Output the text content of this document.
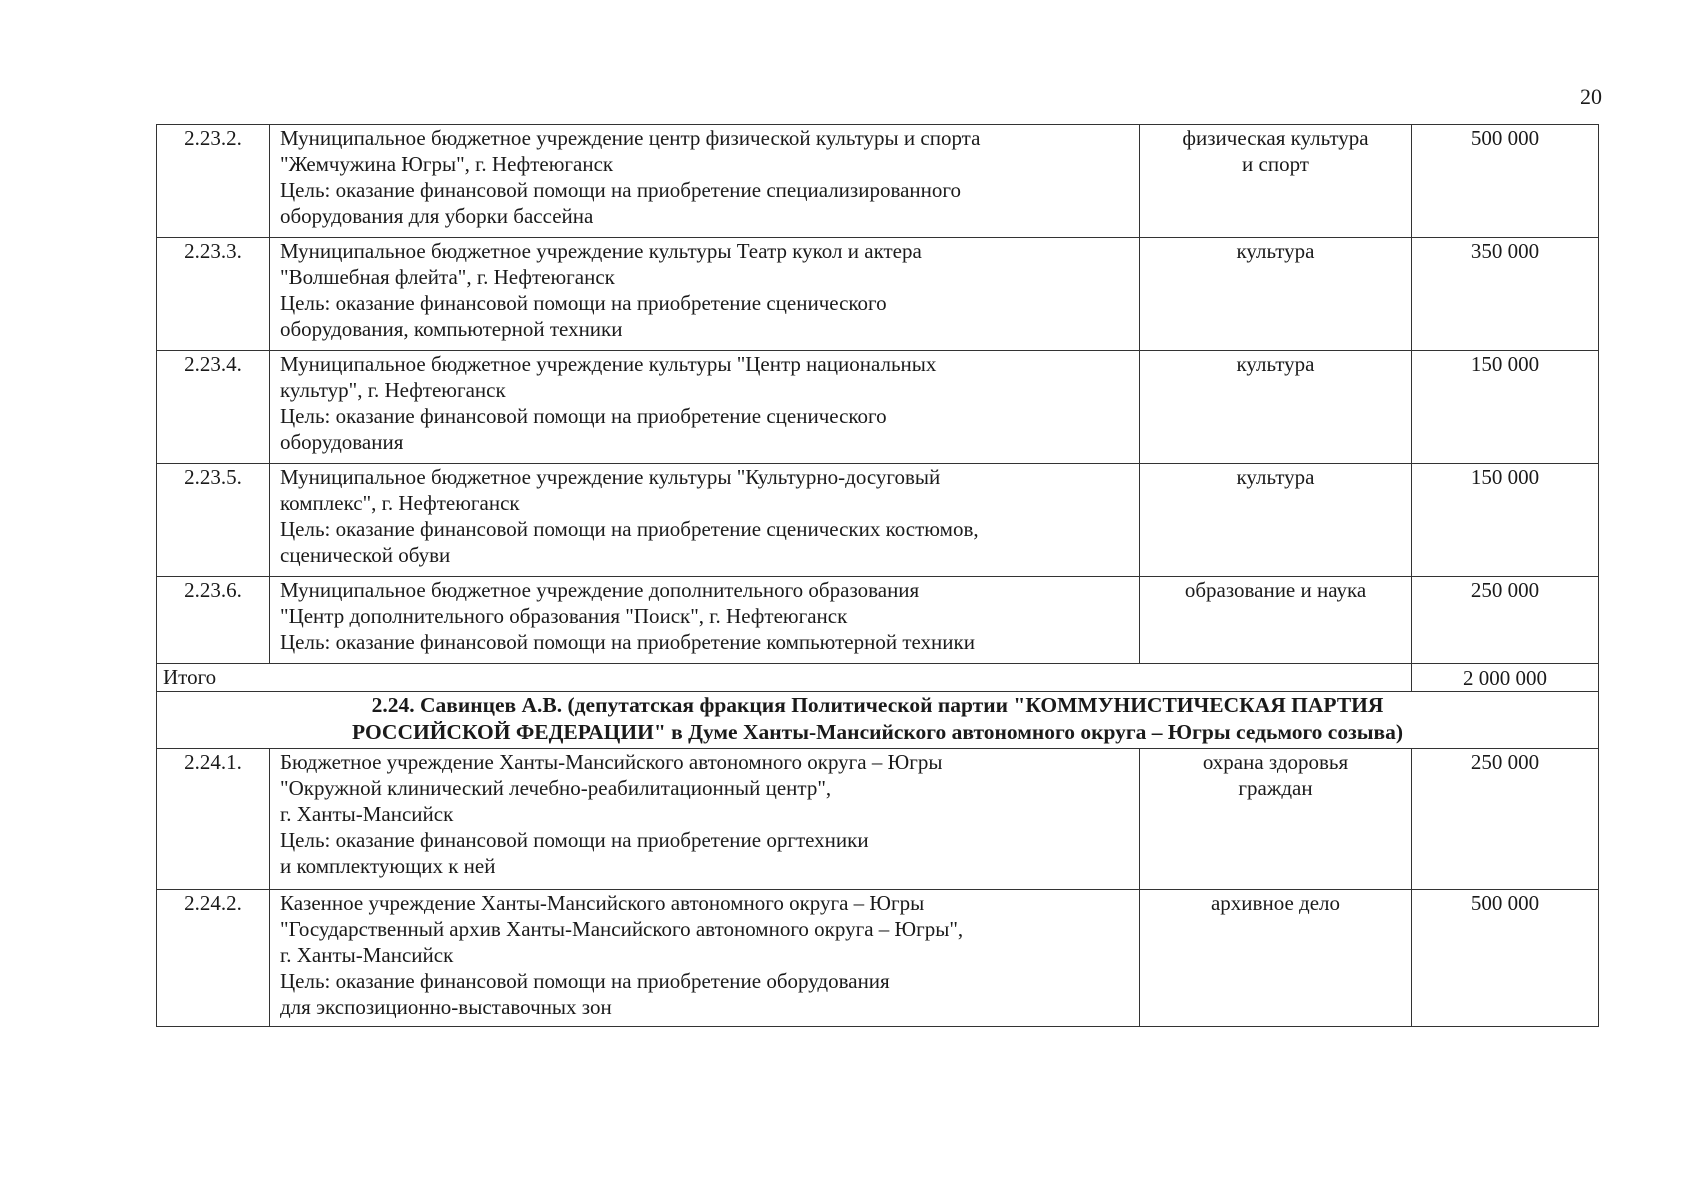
20
2.23.2.	Муниципальное бюджетное учреждение центр физической культуры и спорта
"Жемчужина Югры", г. Нефтеюганск
Цель: оказание финансовой помощи на приобретение специализированного
оборудования для уборки бассейна	физическая культура
и спорт	500 000
2.23.3.	Муниципальное бюджетное учреждение культуры Театр кукол и актера
"Волшебная флейта", г. Нефтеюганск
Цель: оказание финансовой помощи на приобретение сценического
оборудования, компьютерной техники	культура	350 000
2.23.4.	Муниципальное бюджетное учреждение культуры "Центр национальных
культур", г. Нефтеюганск
Цель: оказание финансовой помощи на приобретение сценического
оборудования	культура	150 000
2.23.5.	Муниципальное бюджетное учреждение культуры "Культурно-досуговый
комплекс", г. Нефтеюганск
Цель: оказание финансовой помощи на приобретение сценических костюмов,
сценической обуви	культура	150 000
2.23.6.	Муниципальное бюджетное учреждение дополнительного образования
"Центр дополнительного образования "Поиск", г. Нефтеюганск
Цель: оказание финансовой помощи на приобретение компьютерной техники	образование и наука	250 000
Итого			2 000 000

2.24. Савинцев А.В. (депутатская фракция Политической партии "КОММУНИСТИЧЕСКАЯ ПАРТИЯ
РОССИЙСКОЙ ФЕДЕРАЦИИ" в Думе Ханты-Мансийского автономного округа – Югры седьмого созыва)			

2.24.1.	Бюджетное учреждение Ханты-Мансийского автономного округа – Югры
"Окружной клинический лечебно-реабилитационный центр",
г. Ханты-Мансийск
Цель: оказание финансовой помощи на приобретение оргтехники
и комплектующих к ней	охрана здоровья
граждан	250 000
2.24.2.	Казенное учреждение Ханты-Мансийского автономного округа – Югры
"Государственный архив Ханты-Мансийского автономного округа – Югры",
г. Ханты-Мансийск
Цель: оказание финансовой помощи на приобретение оборудования
для экспозиционно-выставочных зон	архивное дело	500 000
